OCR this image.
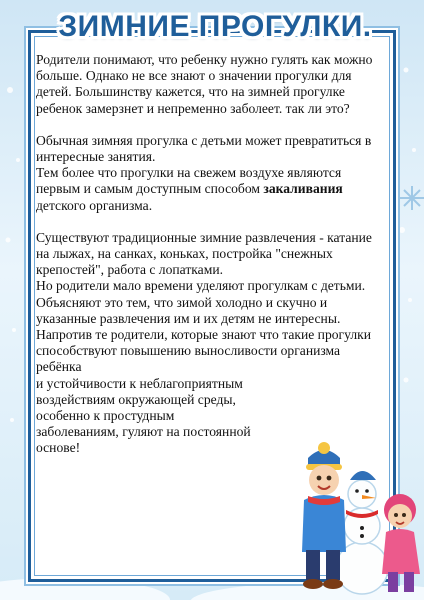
ЗИМНИЕ ПРОГУЛКИ.

Родители понимают, что ребенку нужно гулять как можно больше. Однако не все знают о значении прогулки для детей. Большинству кажется, что на зимней прогулке ребенок замерзнет и непременно заболеет. так ли это?

Обычная зимняя прогулка с детьми может превратиться в интересные занятия.

Тем более что прогулки на свежем воздухе являются первым и самым доступным способом закаливания детского организма.

Существуют традиционные зимние развлечения - катание на лыжах, на санках, коньках, постройка "снежных крепостей", работа с лопатками.

Но родители мало времени уделяют прогулкам с детьми. Объясняют это тем, что зимой холодно и скучно и указанные развлечения им и их детям не интересны.

Напротив те родители, которые знают что такие прогулки способствуют повышению выносливости организма ребёнка

и устойчивости к неблагоприятным воздействиям окружающей среды, особенно к простудным заболеваниям, гуляют на постоянной основе!
